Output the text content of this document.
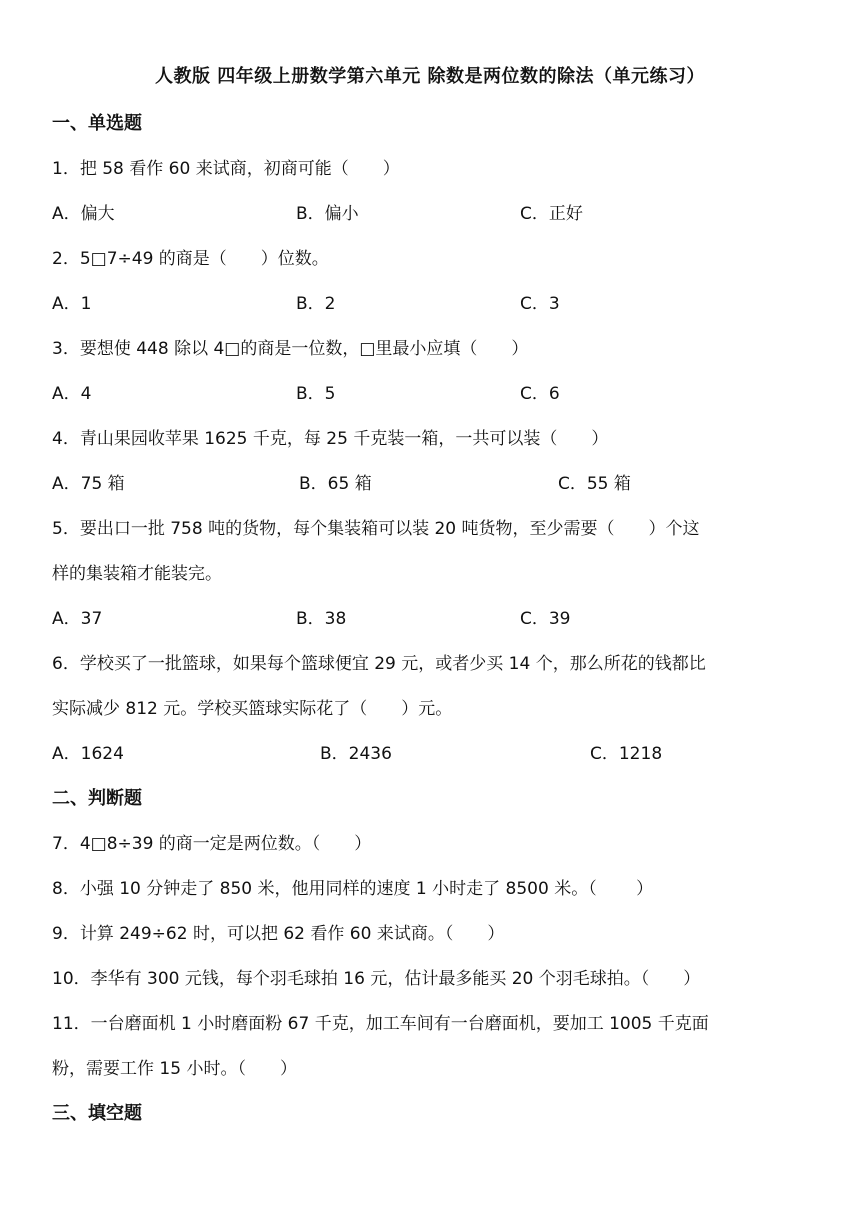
人教版 四年级上册数学第六单元 除数是两位数的除法（单元练习）
一、单选题
1．把 58 看作 60 来试商，初商可能（　　）
A．偏大	B．偏小	C．正好
2．5□7÷49 的商是（　　）位数。
A．1	B．2	C．3
3．要想使 448 除以 4□的商是一位数，□里最小应填（　　）
A．4	B．5	C．6
4．青山果园收苹果 1625 千克，每 25 千克装一箱，一共可以装（　　）
A．75 箱	B．65 箱	C．55 箱
5．要出口一批 758 吨的货物，每个集装箱可以装 20 吨货物，至少需要（　　）个这
样的集装箱才能装完。
A．37	B．38	C．39
6．学校买了一批篮球，如果每个篮球便宜 29 元，或者少买 14 个，那么所花的钱都比
实际减少 812 元。学校买篮球实际花了（　　）元。
A．1624	B．2436	C．1218
二、判断题
7．4□8÷39 的商一定是两位数。（　　）
8．小强 10 分钟走了 850 米，他用同样的速度 1 小时走了 8500 米。（　　 ）
9．计算 249÷62 时，可以把 62 看作 60 来试商。（　　）
10．李华有 300 元钱，每个羽毛球拍 16 元，估计最多能买 20 个羽毛球拍。（　　）
11．一台磨面机 1 小时磨面粉 67 千克，加工车间有一台磨面机，要加工 1005 千克面
粉，需要工作 15 小时。（　　）
三、填空题
